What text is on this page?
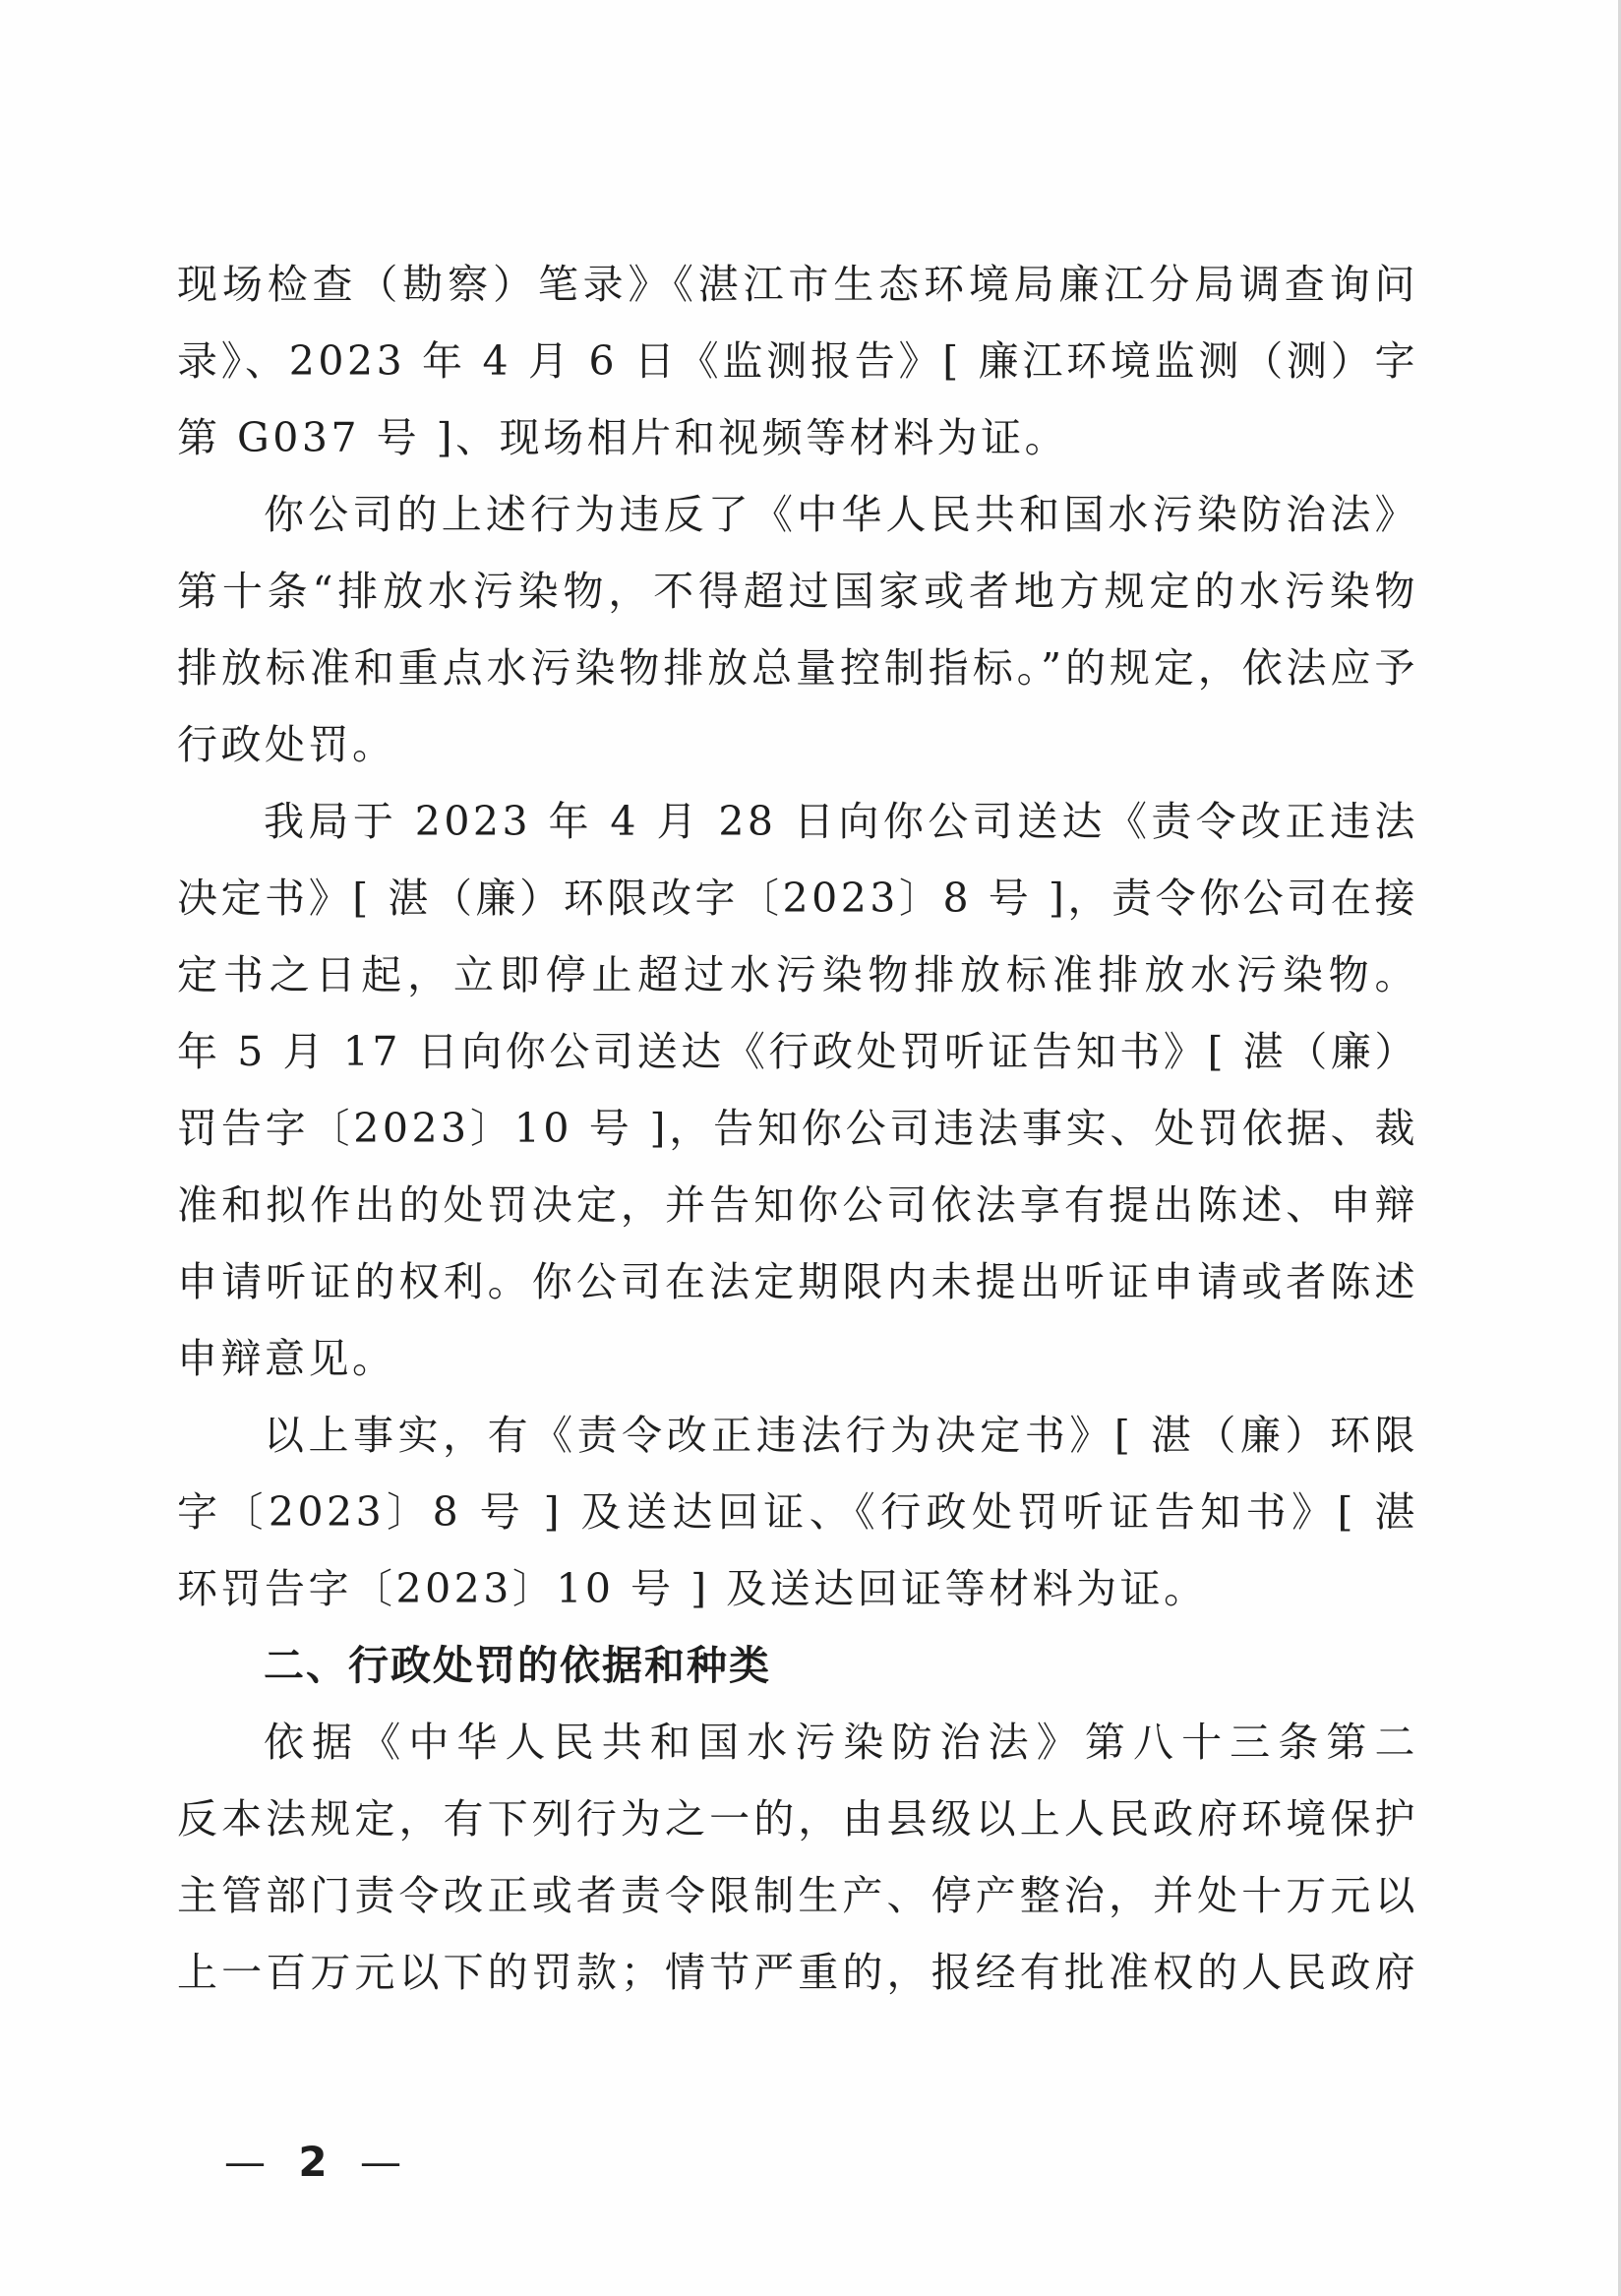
现场检查（勘察）笔录》《湛江市生态环境局廉江分局调查询问
录》、2023 年 4 月 6 日《监测报告》[ 廉江环境监测（测）字
第 G037 号 ]、现场相片和视频等材料为证。
你公司的上述行为违反了《中华人民共和国水污染防治法》
第十条“排放水污染物，不得超过国家或者地方规定的水污染物
排放标准和重点水污染物排放总量控制指标。”的规定，依法应予
行政处罚。
我局于 2023 年 4 月 28 日向你公司送达《责令改正违法
决定书》[ 湛（廉）环限改字〔2023〕8 号 ]，责令你公司在接
定书之日起，立即停止超过水污染物排放标准排放水污染物。
年 5 月 17 日向你公司送达《行政处罚听证告知书》[ 湛（廉）
罚告字〔2023〕10 号 ]，告知你公司违法事实、处罚依据、裁
准和拟作出的处罚决定，并告知你公司依法享有提出陈述、申辩
申请听证的权利。你公司在法定期限内未提出听证申请或者陈述
申辩意见。
以上事实，有《责令改正违法行为决定书》[ 湛（廉）环限
字〔2023〕8 号 ] 及送达回证、《行政处罚听证告知书》[ 湛
环罚告字〔2023〕10 号 ] 及送达回证等材料为证。
二、行政处罚的依据和种类
依据《中华人民共和国水污染防治法》第八十三条第二
反本法规定，有下列行为之一的，由县级以上人民政府环境保护
主管部门责令改正或者责令限制生产、停产整治，并处十万元以
上一百万元以下的罚款；情节严重的，报经有批准权的人民政府
— 2 —
